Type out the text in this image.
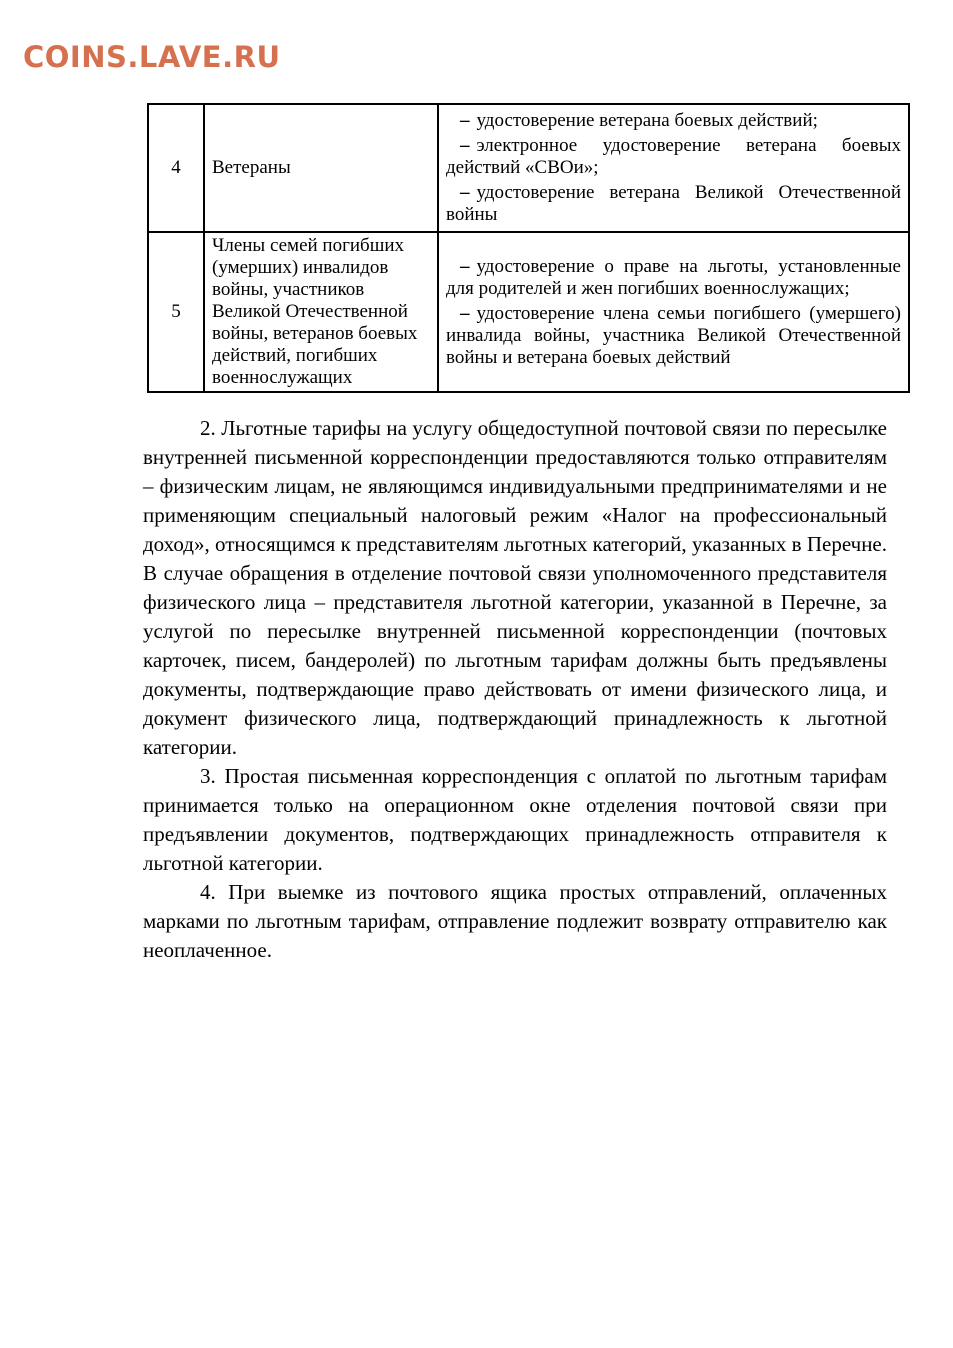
COINS.LAVE.RU
4	Ветераны	– удостоверение ветерана боевых действий;
– электронное удостоверение ветерана боевых действий «СВОи»;
– удостоверение ветерана Великой Отечественной войны

5	Члены семей погибших (умерших) инвалидов войны, участников Великой Отечественной войны, ветеранов боевых действий, погибших военнослужащих	– удостоверение о праве на льготы, установленные для родителей и жен погибших военнослужащих;
– удостоверение члена семьи погибшего (умершего) инвалида войны, участника Великой Отечественной войны и ветерана боевых действий

2. Льготные тарифы на услугу общедоступной почтовой связи по пересылке внутренней письменной корреспонденции предоставляются только отправителям – физическим лицам, не являющимся индивидуальными предпринимателями и не применяющим специальный налоговый режим «Налог на профессиональный доход», относящимся к представителям льготных категорий, указанных в Перечне. В случае обращения в отделение почтовой связи уполномоченного представителя физического лица – представителя льготной категории, указанной в Перечне, за услугой по пересылке внутренней письменной корреспонденции (почтовых карточек, писем, бандеролей) по льготным тарифам должны быть предъявлены документы, подтверждающие право действовать от имени физического лица, и документ физического лица, подтверждающий принадлежность к льготной категории.

3. Простая письменная корреспонденция с оплатой по льготным тарифам принимается только на операционном окне отделения почтовой связи при предъявлении документов, подтверждающих принадлежность отправителя к льготной категории.

4. При выемке из почтового ящика простых отправлений, оплаченных марками по льготным тарифам, отправление подлежит возврату отправителю как неоплаченное.
